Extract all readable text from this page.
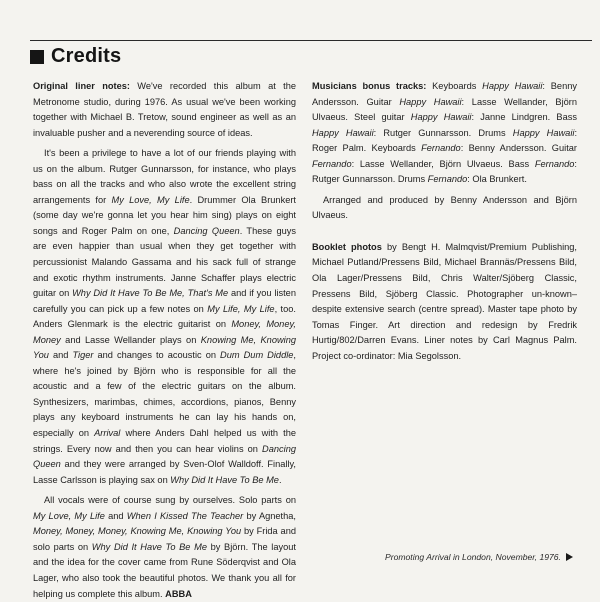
Credits

Original liner notes: We've recorded this album at the Metronome studio, during 1976. As usual we've been working together with Michael B. Tretow, sound engineer as well as an invaluable pusher and a neverending source of ideas.

It's been a privilege to have a lot of our friends playing with us on the album. Rutger Gunnarsson, for instance, who plays bass on all the tracks and who also wrote the excellent string arrangements for My Love, My Life. Drummer Ola Brunkert (some day we're gonna let you hear him sing) plays on eight songs and Roger Palm on one, Dancing Queen. These guys are even happier than usual when they get together with percussionist Malando Gassama and his sack full of strange and exotic rhythm instruments. Janne Schaffer plays electric guitar on Why Did It Have To Be Me, That's Me and if you listen carefully you can pick up a few notes on My Life, My Life, too. Anders Glenmark is the electric guitarist on Money, Money, Money and Lasse Wellander plays on Knowing Me, Knowing You and Tiger and changes to acoustic on Dum Dum Diddle, where he's joined by Björn who is responsible for all the acoustic and a few of the electric guitars on the album. Synthesizers, marimbas, chimes, accordions, pianos, Benny plays any keyboard instruments he can lay his hands on, especially on Arrival where Anders Dahl helped us with the strings. Every now and then you can hear violins on Dancing Queen and they were arranged by Sven-Olof Walldoff. Finally, Lasse Carlsson is playing sax on Why Did It Have To Be Me.

All vocals were of course sung by ourselves. Solo parts on My Love, My Life and When I Kissed The Teacher by Agnetha, Money, Money, Money, Knowing Me, Knowing You by Frida and solo parts on Why Did It Have To Be Me by Björn. The layout and the idea for the cover came from Rune Söderqvist and Ola Lager, who also took the beautiful photos. We thank you all for helping us complete this album. ABBA

Musicians bonus tracks: Keyboards Happy Hawaii: Benny Andersson. Guitar Happy Hawaii: Lasse Wellander, Björn Ulvaeus. Steel guitar Happy Hawaii: Janne Lindgren. Bass Happy Hawaii: Rutger Gunnarsson. Drums Happy Hawaii: Roger Palm. Keyboards Fernando: Benny Andersson. Guitar Fernando: Lasse Wellander, Björn Ulvaeus. Bass Fernando: Rutger Gunnarsson. Drums Fernando: Ola Brunkert.

Arranged and produced by Benny Andersson and Björn Ulvaeus.

Booklet photos by Bengt H. Malmqvist/Premium Publishing, Michael Putland/Pressens Bild, Michael Brannäs/Pressens Bild, Ola Lager/Pressens Bild, Chris Walter/Sjöberg Classic, Pressens Bild, Sjöberg Classic. Photographer un-known– despite extensive search (centre spread). Master tape photo by Tomas Finger. Art direction and redesign by Fredrik Hurtig/802/Darren Evans. Liner notes by Carl Magnus Palm. Project co-ordinator: Mia Segolsson.

Promoting Arrival in London, November, 1976.
